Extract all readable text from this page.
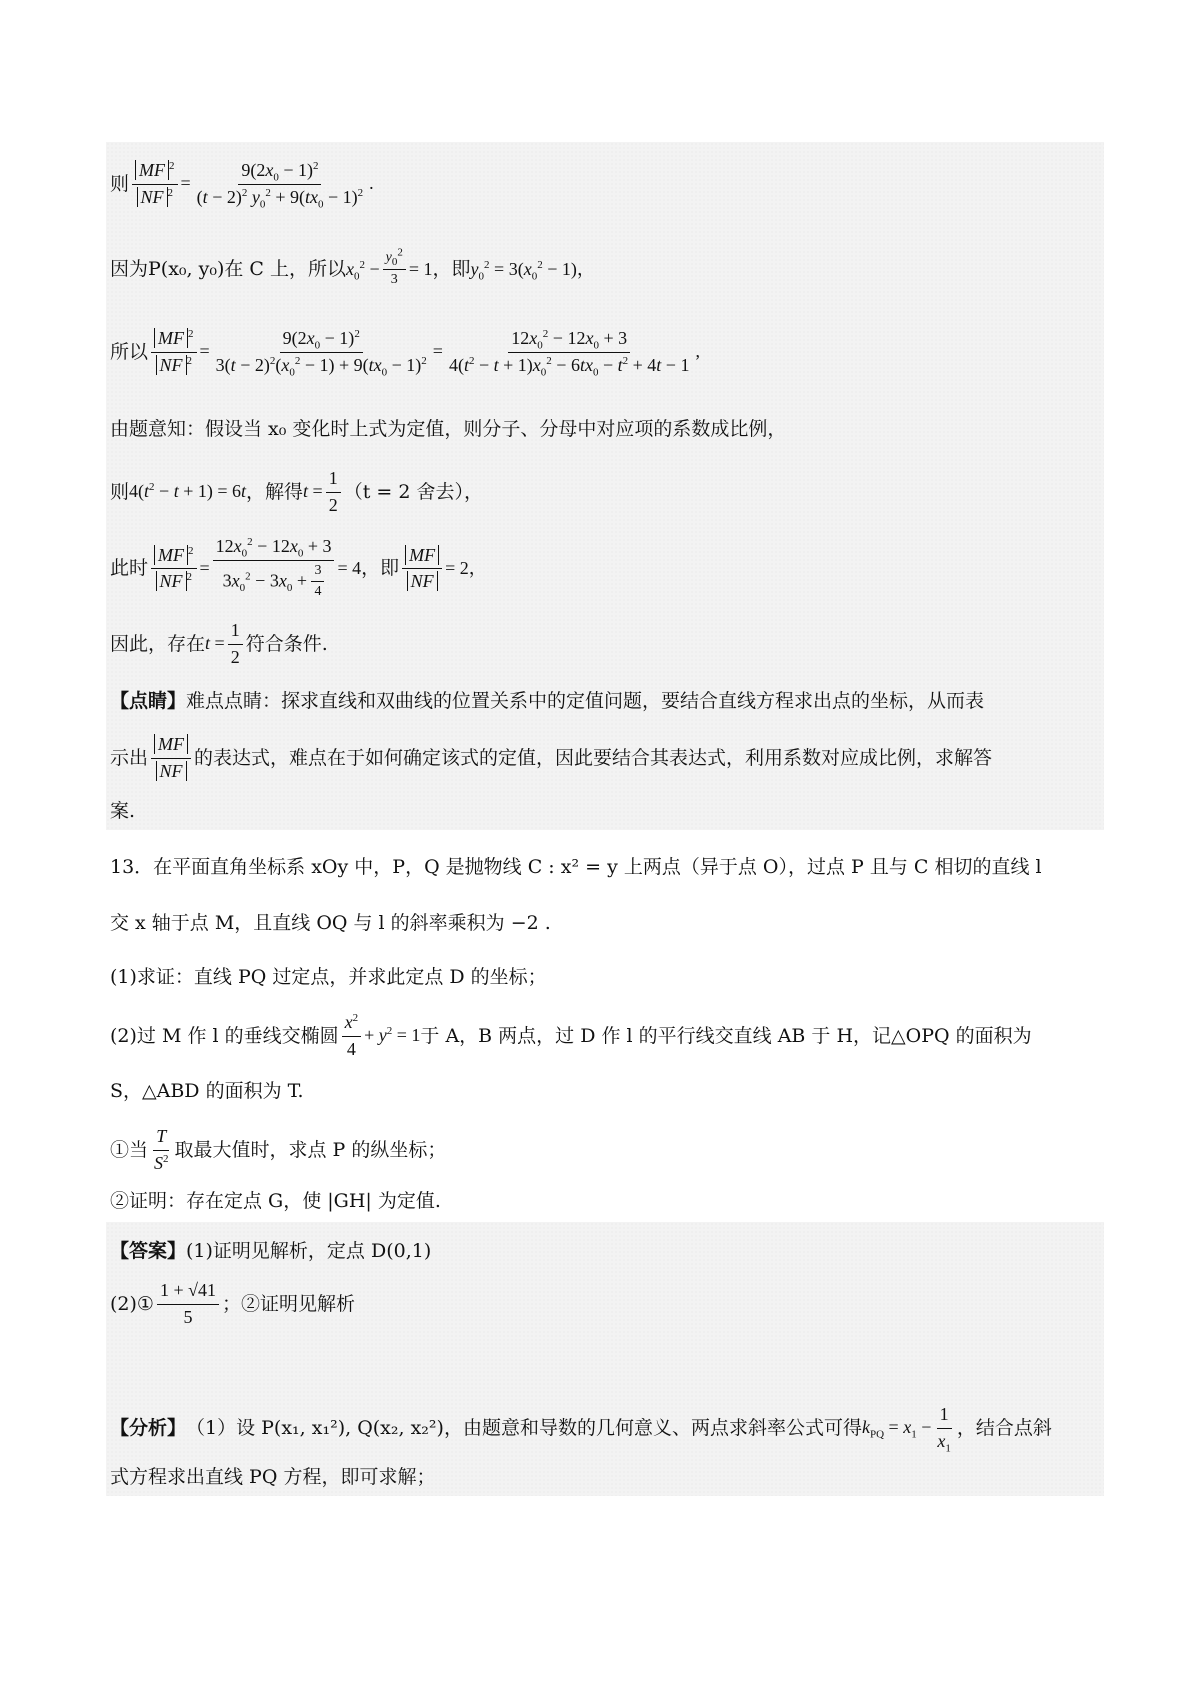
则 $\frac{MF ^2}{NF ^2} = \frac{9(2x_0 - 1)^2}{(t - 2)^2 y_0^2 + 9(tx_0 - 1)^2}$ .
因为P(x₀, y₀)在 C 上，所以 $x_0^2 - \frac{y_0^2}{3} = 1$ ，即 $y_0^2 = 3(x_0^2 - 1)$，
所以 $\frac{MF ^2}{NF ^2} = \frac{9(2x_0 - 1)^2}{3(t - 2)^2(x_0^2 - 1) + 9(tx_0 - 1)^2} = \frac{12x_0^2 - 12x_0 + 3}{4(t^2 - t + 1)x_0^2 - 6tx_0 - t^2 + 4t - 1}$ ,
由题意知：假设当 x₀ 变化时上式为定值，则分子、分母中对应项的系数成比例，
则 $4(t^2 - t + 1) = 6t$ ，解得 $t = \frac{1}{2} (t = 2$ 舍去），
此时 $\frac{MF ^2}{NF ^2} = \frac{12x_0^2 - 12x_0 + 3}{3x_0^2 - 3x_0 + \frac{3}{4}} = 4$ ，即 $\frac{MF}{NF} = 2$，
因此，存在 $t = \frac{1}{2}$ 符合条件.
【点睛】 难点点睛：探求直线和双曲线的位置关系中的定值问题，要结合直线方程求出点的坐标，从而表
示出 $\frac{MF}{NF}$ 的表达式，难点在于如何确定该式的定值，因此要结合其表达式，利用系数对应成比例，求解答
案.
13．在平面直角坐标系 xOy 中，P，Q 是抛物线 C : x² = y 上两点（异于点 O），过点 P 且与 C 相切的直线 l
交 x 轴于点 M，且直线 OQ 与 l 的斜率乘积为 −2 .
(1)求证：直线 PQ 过定点，并求此定点 D 的坐标；
(2)过 M 作 l 的垂线交椭圆 $\frac{x^2}{4} + y^2 = 1$ 于 A，B 两点，过 D 作 l 的平行线交直线 AB 于 H，记△OPQ 的面积为
S，△ABD 的面积为 T.
①当 $\frac{T}{S^2}$ 取最大值时，求点 P 的纵坐标；
②证明：存在定点 G，使 |GH| 为定值.
【答案】 (1)证明见解析，定点 D(0,1)
(2)① $\frac{1 + √41}{5}$ ；②证明见解析
【分析】 （1）设 P(x₁, x₁²), Q(x₂, x₂²)，由题意和导数的几何意义、两点求斜率公式可得 $k_{PQ} = x_1 - \frac{1}{x_1}$ ，结合点斜
式方程求出直线 PQ 方程，即可求解；
